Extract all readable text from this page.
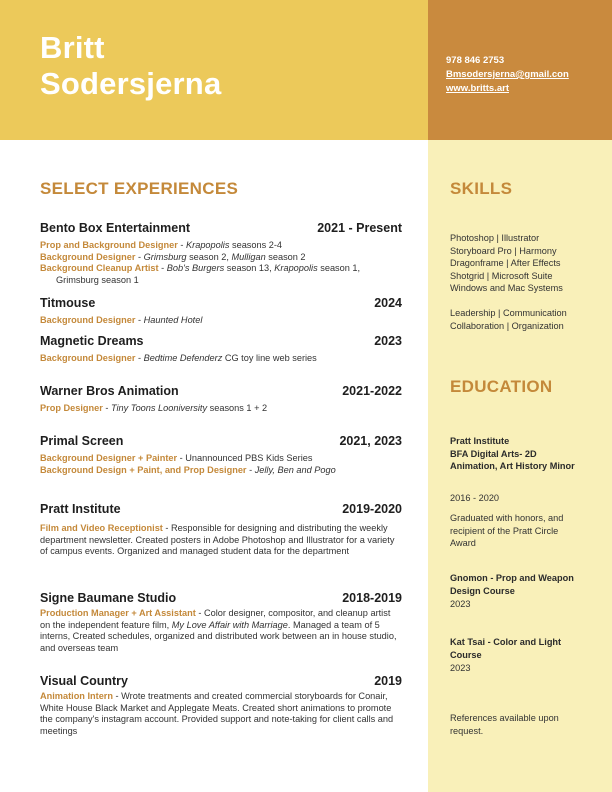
Britt
Sodersjerna
978 846 2753
Bmsodersjerna@gmail.con
www.britts.art
SELECT EXPERIENCES
Bento Box Entertainment	2021 - Present
Prop and Background Designer - Krapopolis seasons 2-4
Background Designer - Grimsburg season 2, Mulligan season 2
Background Cleanup Artist - Bob's Burgers season 13, Krapopolis season 1, Grimsburg season 1
Titmouse	2024
Background Designer - Haunted Hotel
Magnetic Dreams	2023
Background Designer - Bedtime Defenderz CG toy line web series
Warner Bros Animation	2021-2022
Prop Designer - Tiny Toons Looniversity seasons 1 + 2
Primal Screen	2021, 2023
Background Designer + Painter - Unannounced PBS Kids Series
Background Design + Paint, and Prop Designer - Jelly, Ben and Pogo
Pratt Institute	2019-2020
Film and Video Receptionist - Responsible for designing and distributing the weekly department newsletter. Created posters in Adobe Photoshop and Illustrator for a variety of campus events. Organized and managed student data for the department
Signe Baumane Studio	2018-2019
Production Manager + Art Assistant - Color designer, compositor, and cleanup artist on the independent feature film, My Love Affair with Marriage. Managed a team of 5 interns, Created schedules, organized and distributed work between an in house studio, and overseas team
Visual Country	2019
Animation Intern - Wrote treatments and created commercial storyboards for Conair, White House Black Market and Applegate Meats. Created short animations to promote the company's instagram account. Provided support and note-taking for client calls and meetings
SKILLS
Photoshop | Illustrator
Storyboard Pro | Harmony
Dragonframe | After Effects
Shotgrid | Microsoft Suite
Windows and Mac Systems
Leadership | Communication
Collaboration | Organization
EDUCATION
Pratt Institute
BFA Digital Arts- 2D Animation, Art History Minor
2016 - 2020
Graduated with honors, and recipient of the Pratt Circle Award
Gnomon - Prop and Weapon Design Course
2023
Kat Tsai - Color and Light Course
2023
References available upon request.
